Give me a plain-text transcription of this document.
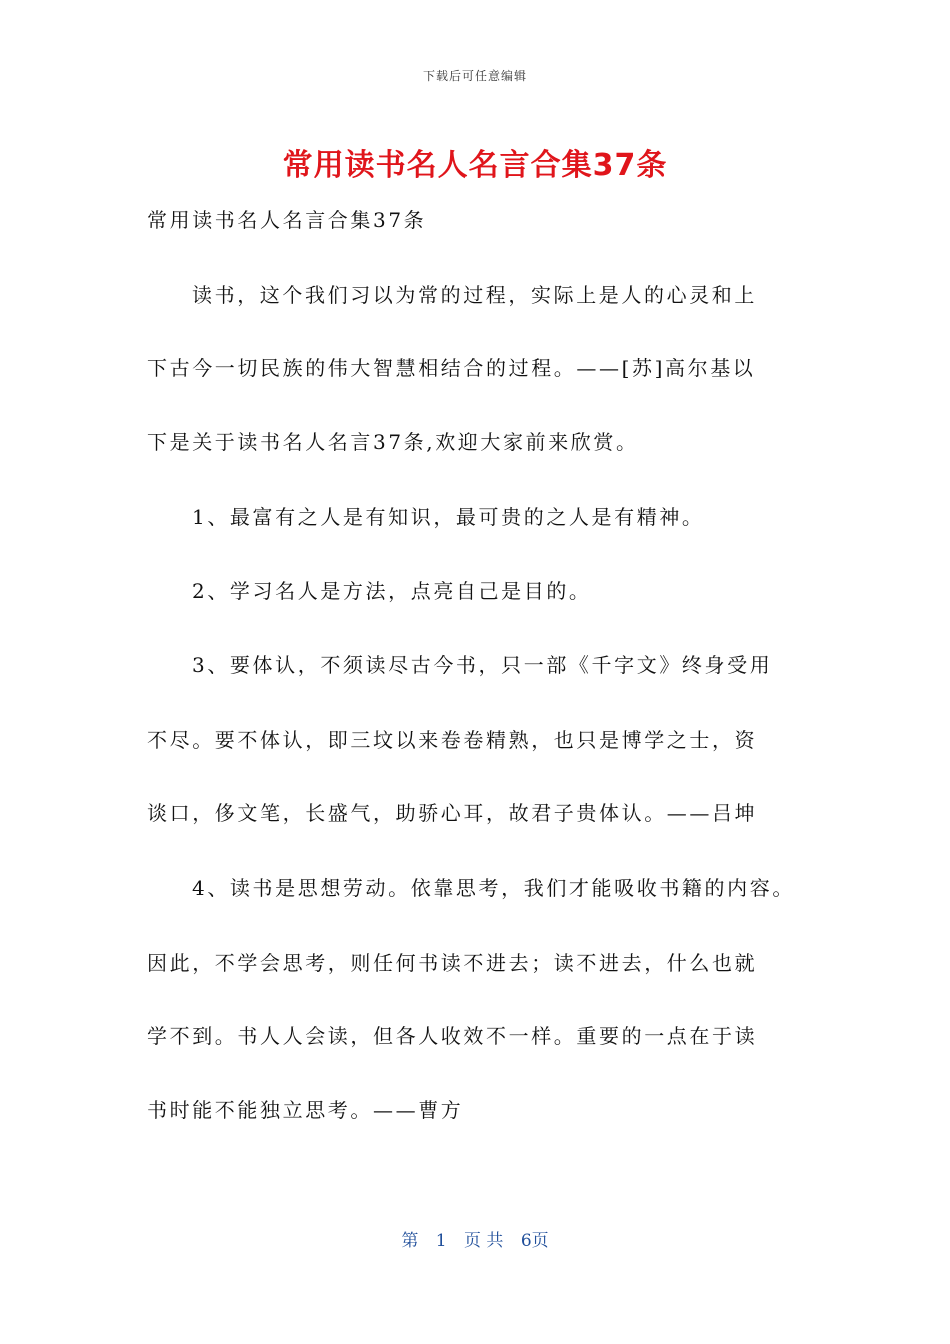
下载后可任意编辑
常用读书名人名言合集37条
常用读书名人名言合集37条
读书，这个我们习以为常的过程，实际上是人的心灵和上
下古今一切民族的伟大智慧相结合的过程。——[苏]高尔基以
下是关于读书名人名言37条,欢迎大家前来欣赏。
1、最富有之人是有知识，最可贵的之人是有精神。
2、学习名人是方法，点亮自己是目的。
3、要体认，不须读尽古今书，只一部《千字文》终身受用
不尽。要不体认，即三坟以来卷卷精熟，也只是博学之士，资
谈口，侈文笔，长盛气，助骄心耳，故君子贵体认。——吕坤
4、读书是思想劳动。依靠思考，我们才能吸收书籍的内容。
因此，不学会思考，则任何书读不进去；读不进去，什么也就
学不到。书人人会读，但各人收效不一样。重要的一点在于读
书时能不能独立思考。——曹方
第 1 页 共 6页
